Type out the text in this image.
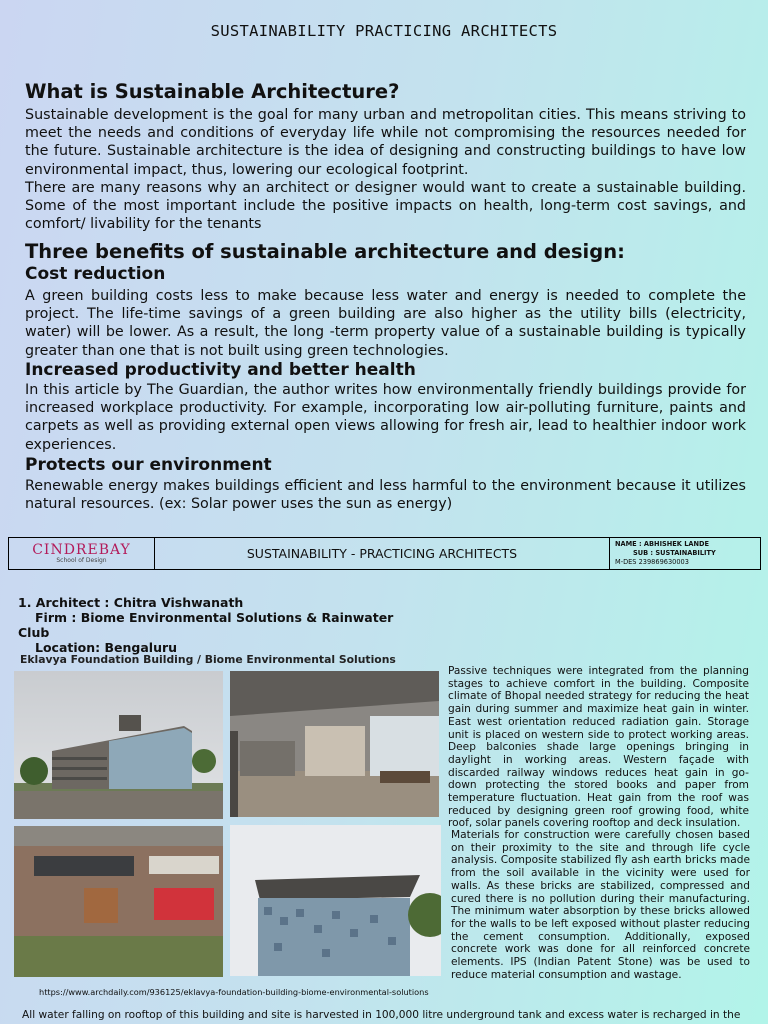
SUSTAINABILITY PRACTICING ARCHITECTS
What is Sustainable Architecture?
Sustainable development is the goal for many urban and metropolitan cities. This means striving to meet the needs and conditions of everyday life while not compromising the resources needed for the future. Sustainable architecture is the idea of designing and constructing buildings to have low environmental impact, thus, lowering our ecological footprint.
There are many reasons why an architect or designer would want to create a sustainable building. Some of the most important include the positive impacts on health, long-term cost savings, and comfort/ livability for the tenants
Three benefits of sustainable architecture and design:
Cost reduction
A green building costs less to make because less water and energy is needed to complete the project. The life-time savings of a green building are also higher as the utility bills (electricity, water) will be lower. As a result, the long -term property value of a sustainable building is typically greater than one that is not built using green technologies.
Increased productivity and better health
In this article by The Guardian, the author writes how environmentally friendly buildings provide for increased workplace productivity. For example, incorporating low air-polluting furniture, paints and carpets as well as providing external open views allowing for fresh air, lead to healthier indoor work experiences.
Protects our environment
Renewable energy makes buildings efficient and less harmful to the environment because it utilizes natural resources. (ex: Solar power uses the sun as energy)
CINDREBAY
School of Design	SUSTAINABILITY - PRACTICING ARCHITECTS
NAME : ABHISHEK LANDE
SUB : SUSTAINABILITY
M-DES 239869630003
1. Architect : Chitra Vishwanath
Firm : Biome Environmental Solutions & Rainwater
Club
Location: Bengaluru
Eklavya Foundation Building / Biome Environmental Solutions
Passive techniques were integrated from the planning stages to achieve comfort in the building. Composite climate of Bhopal needed strategy for reducing the heat gain during summer and maximize heat gain in winter. East west orientation reduced radiation gain. Storage unit is placed on western side to protect working areas. Deep balconies shade large openings bringing in daylight in working areas. Western façade with discarded railway windows reduces heat gain in go-down protecting the stored books and paper from temperature fluctuation. Heat gain from the roof was reduced by designing green roof growing food, white roof, solar panels covering rooftop and deck insulation.
Materials for construction were carefully chosen based on their proximity to the site and through life cycle analysis. Composite stabilized fly ash earth bricks made from the soil available in the vicinity were used for walls. As these bricks are stabilized, compressed and cured there is no pollution during their manufacturing. The minimum water absorption by these bricks allowed for the walls to be left exposed without plaster reducing the cement consumption. Additionally, exposed concrete work was done for all reinforced concrete elements. IPS (Indian Patent Stone) was be used to reduce material consumption and wastage.
https://www.archdaily.com/936125/eklavya-foundation-building-biome-environmental-solutions
All water falling on rooftop of this building and site is harvested in 100,000 litre underground tank and excess water is recharged in the
